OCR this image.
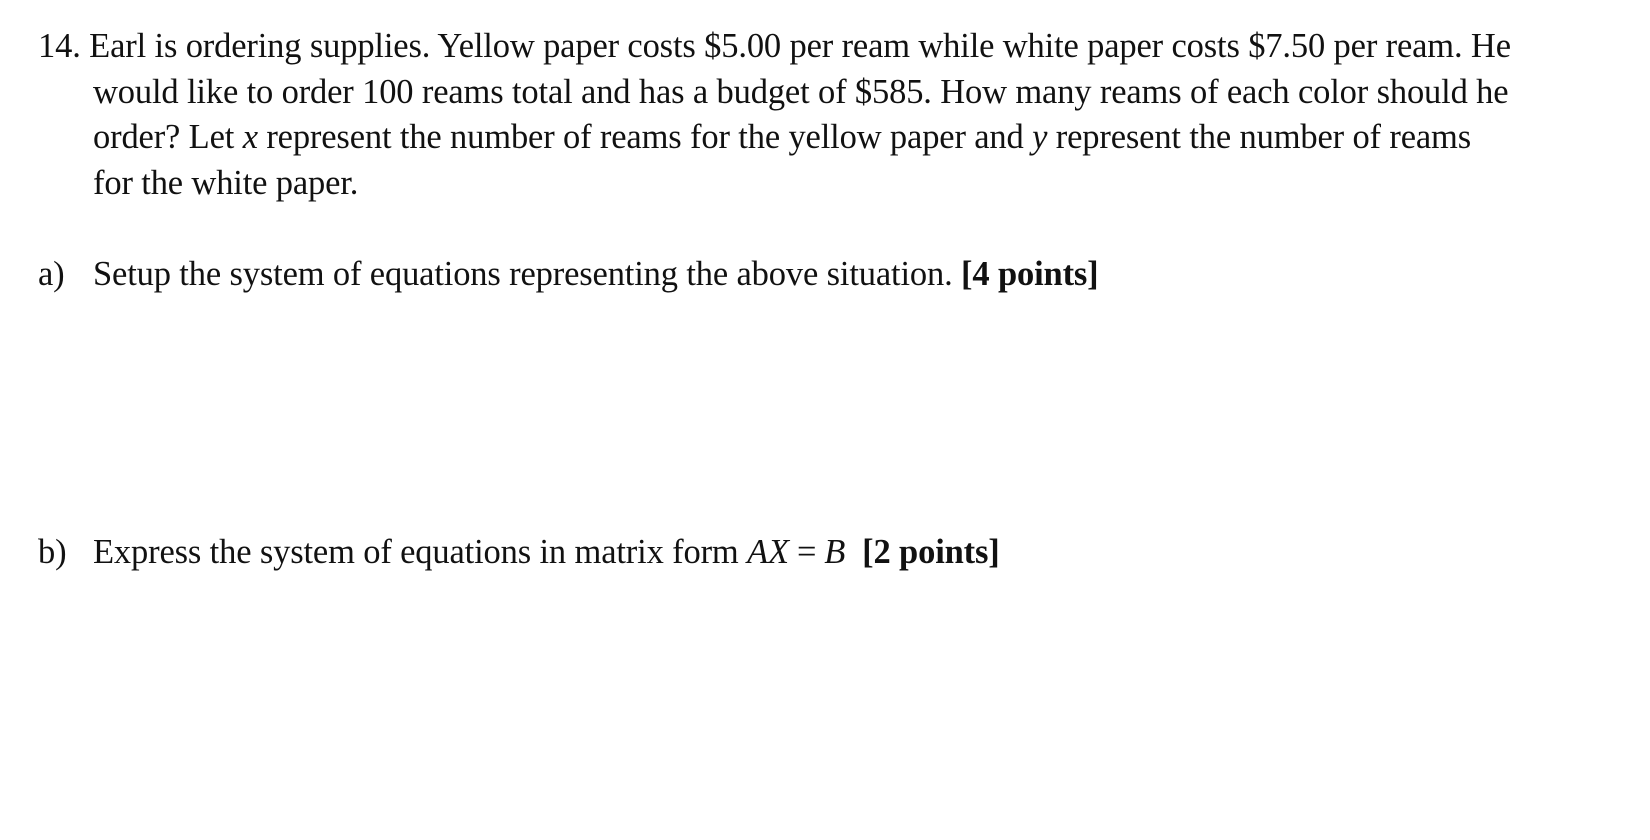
14. Earl is ordering supplies. Yellow paper costs $5.00 per ream while white paper costs $7.50 per ream. He
would like to order 100 reams total and has a budget of $585. How many reams of each color should he
order? Let x represent the number of reams for the yellow paper and y represent the number of reams
for the white paper.
a) Setup the system of equations representing the above situation. [4 points]
b) Express the system of equations in matrix form AX = B [2 points]
